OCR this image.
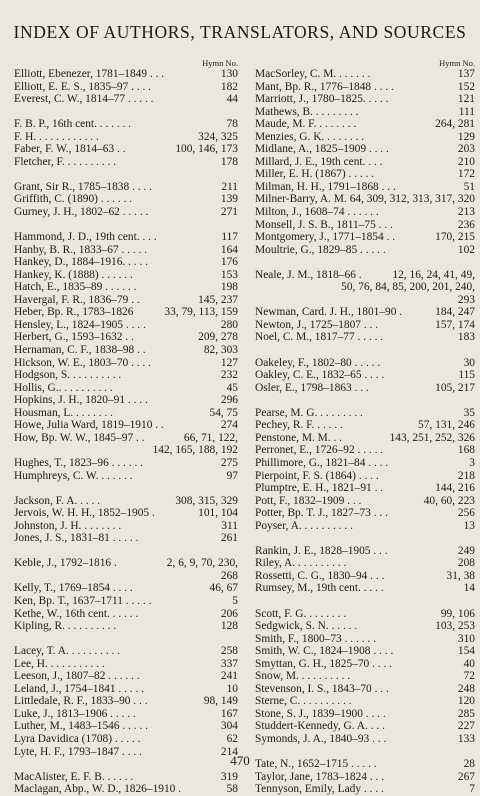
INDEX OF AUTHORS, TRANSLATORS, AND SOURCES
Hymn No.
Elliott, Ebenezer, 1781–1849 . . .	130
Elliott, E. E. S., 1835–97 . . . .	182
Everest, C. W., 1814–77 . . . . .	44
F. B. P., 16th cent. . . . . . .	78
F. H. . . . . . . . . . . .	324, 325
Faber, F. W., 1814–63 . .	100, 146, 173
Fletcher, F. . . . . . . . . .	178
Grant, Sir R., 1785–1838 . . . .	211
Griffith, C. (1890) . . . . . .	139
Gurney, J. H., 1802–62 . . . . .	271
Hammond, J. D., 19th cent. . . .	117
Hanby, B. R., 1833–67 . . . . .	164
Hankey, D., 1884–1916. . . . .	176
Hankey, K. (1888) . . . . . .	153
Hatch, E., 1835–89 . . . . . .	198
Havergal, F. R., 1836–79 . .	145, 237
Heber, Bp. R., 1783–1826	33, 79, 113, 159
Hensley, L., 1824–1905 . . . .	280
Herbert, G., 1593–1632 . .	209, 278
Hernaman, C. F., 1838–98 . .	82, 303
Hickson, W. E., 1803–70 . . . .	127
Hodgson, S. . . . . . . . . .	232
Hollis, G.. . . . . . . . . .	45
Hopkins, J. H., 1820–91 . . . .	296
Housman, L. . . . . . . .	54, 75
Howe, Julia Ward, 1819–1910 . .	274
How, Bp. W. W., 1845–97 . .	66, 71, 122,
142, 165, 188, 192
Hughes, T., 1823–96 . . . . . .	275
Humphreys, C. W. . . . . . .	97
Jackson, F. A. . . . .	308, 315, 329
Jervois, W. H. H., 1852–1905 .	101, 104
Johnston, J. H. . . . . . . .	311
Jones, J. S., 1831–81 . . . . .	261
Keble, J., 1792–1816 .	2, 6, 9, 70, 230,
268
Kelly, T., 1769–1854 . . . .	46, 67
Ken, Bp. T., 1637–1711 . . . . .	5
Kethe, W., 16th cent. . . . . .	206
Kipling, R. . . . . . . . . .	128
Lacey, T. A. . . . . . . . . .	258
Lee, H. . . . . . . . . . .	337
Leeson, J., 1807–82 . . . . . .	241
Leland, J., 1754–1841 . . . . .	10
Littledale, R. F., 1833–90 . . .	98, 149
Luke, J., 1813–1906 . . . . .	167
Luther, M., 1483–1546 . . . . .	304
Lyra Davidica (1708) . . . . .	62
Lyte, H. F., 1793–1847 . . . .	214
MacAlister, E. F. B. . . . . .	319
Maclagan, Abp., W. D., 1826–1910 .	58
Hymn No.
MacSorley, C. M. . . . . . .	137
Mant, Bp. R., 1776–1848 . . . .	152
Marriott, J., 1780–1825. . . . .	121
Mathews, B. . . . . . . . .	111
Maude, M. F. . . . . . . .	264, 281
Menzies, G. K. . . . . . . .	129
Midlane, A., 1825–1909 . . . .	203
Millard, J. E., 19th cent. . . .	210
Miller, E. H. (1867) . . . . .	172
Milman, H. H., 1791–1868 . . .	51
Milner-Barry, A. M. 64, 309, 312, 313, 317, 320
Milton, J., 1608–74 . . . . . .	213
Monsell, J. S. B., 1811–75 . . .	236
Montgomery, J., 1771–1854 . .	170, 215
Moultrie, G., 1829–85 . . . . .	102
Neale, J. M., 1818–66 .	12, 16, 24, 41, 49,
50, 76, 84, 85, 200, 201, 240,
293
Newman, Card. J. H., 1801–90 .	184, 247
Newton, J., 1725–1807 . . .	157, 174
Noel, C. M., 1817–77 . . . . .	183
Oakeley, F., 1802–80 . . . . .	30
Oakley, C. E., 1832–65 . . . .	115
Osler, E., 1798–1863 . . .	105, 217
Pearse, M. G. . . . . . . . .	35
Pechey, R. F. . . . . .	57, 131, 246
Penstone, M. M. . .	143, 251, 252, 326
Perronet, E., 1726–92 . . . . .	168
Phillimore, G., 1821–84 . . . .	3
Pierpoint, F. S. (1864) . . . .	218
Plumptre, E. H., 1821–91 . .	144, 216
Pott, F., 1832–1909 . . .	40, 60, 223
Potter, Bp. T. J., 1827–73 . . .	256
Poyser, A. . . . . . . . . .	13
Rankin, J. E., 1828–1905 . . .	249
Riley, A. . . . . . . . . .	208
Rossetti, C. G., 1830–94 . . .	31, 38
Rumsey, M., 19th cent. . . . .	14
Scott, F. G. . . . . . . .	99, 106
Sedgwick, S. N. . . . . .	103, 253
Smith, F., 1800–73 . . . . . .	310
Smith, W. C., 1824–1908 . . . .	154
Smyttan, G. H., 1825–70 . . . .	40
Snow, M. . . . . . . . . .	72
Stevenson, I. S., 1843–70 . . .	248
Sterne, C. . . . . . . . . .	120
Stone, S. J., 1839–1900 . . . .	285
Studdert-Kennedy, G. A. . . .	227
Symonds, J. A., 1840–93 . . .	133
Tate, N., 1652–1715 . . . . .	28
Taylor, Jane, 1783–1824 . . .	267
Tennyson, Emily, Lady . . . .	7
470
